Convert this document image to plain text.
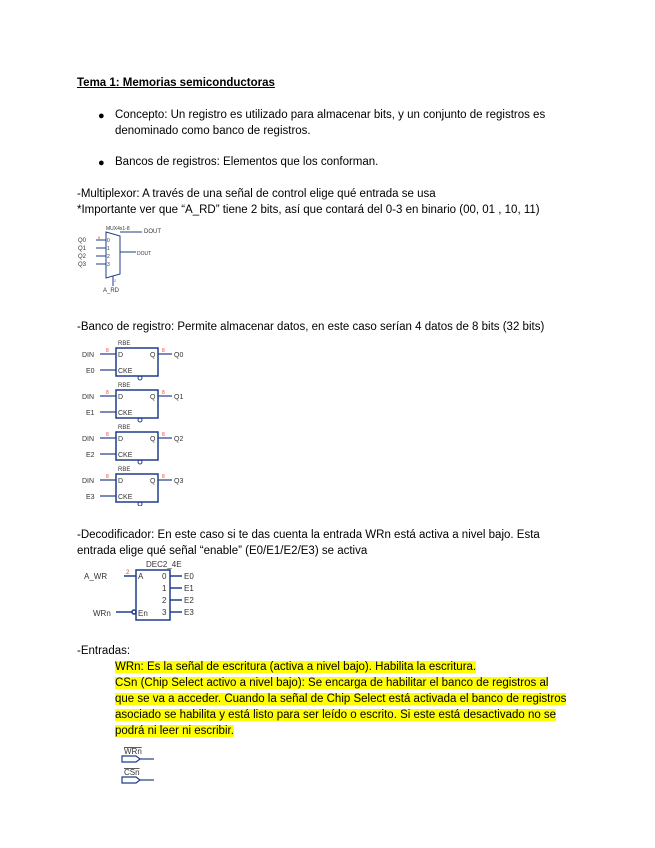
Tema 1: Memorias semiconductoras
● Concepto: Un registro es utilizado para almacenar bits, y un conjunto de registros es
denominado como banco de registros.
● Bancos de registros: Elementos que los conforman.
-Multiplexor: A través de una señal de control elige qué entrada se usa
*Importante ver que “A_RD” tiene 2 bits, así que contará del 0-3 en binario (00, 01 , 10, 11)
MUX4x1-8 DOUT
DOUT
Q0
Q1
Q2
Q3
0
1
2
3
8
2
A_RD
-Banco de registro: Permite almacenar datos, en este caso serían 4 datos de 8 bits (32 bits)
RBE
DIN
8
D	Q
8
CKE
E0
Q0
RBE
DIN
8
D	Q
8
CKE
E1
Q1
RBE
DIN
8
D	Q
8
CKE
E2
Q2
RBE
DIN
8
D	Q
8
CKE
E3
Q3
-Decodificador: En este caso si te das cuenta la entrada WRn está activa a nivel bajo. Esta
entrada elige qué señal “enable” (E0/E1/E2/E3) se activa
DEC2_4E
A_WR	2 A
En
WRn
0
1
2
3
E0
E1
E2
E3
-Entradas:
WRn: Es la señal de escritura (activa a nivel bajo). Habilita la escritura.
CSn (Chip Select activo a nivel bajo): Se encarga de habilitar el banco de registros al
que se va a acceder. Cuando la señal de Chip Select está activada el banco de registros
asociado se habilita y está listo para ser leído o escrito. Si este está desactivado no se
podrá ni leer ni escribir.
WRn
CSn
